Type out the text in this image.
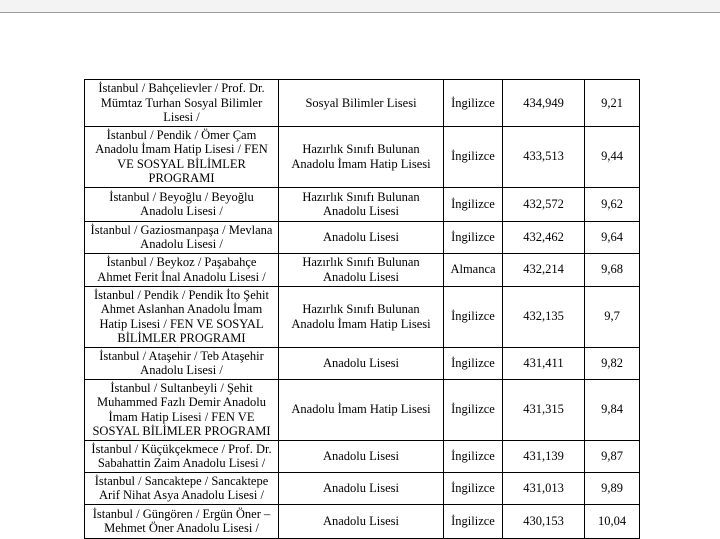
İstanbul / Bahçelievler / Prof. Dr. Mümtaz Turhan Sosyal Bilimler Lisesi /	Sosyal Bilimler Lisesi	İngilizce	434,949	9,21
İstanbul / Pendik / Ömer Çam Anadolu İmam Hatip Lisesi / FEN VE SOSYAL BİLİMLER PROGRAMI	Hazırlık Sınıfı Bulunan Anadolu İmam Hatip Lisesi	İngilizce	433,513	9,44
İstanbul / Beyoğlu / Beyoğlu Anadolu Lisesi /	Hazırlık Sınıfı Bulunan Anadolu Lisesi	İngilizce	432,572	9,62
İstanbul / Gaziosmanpaşa / Mevlana Anadolu Lisesi /	Anadolu Lisesi	İngilizce	432,462	9,64
İstanbul / Beykoz / Paşabahçe Ahmet Ferit İnal Anadolu Lisesi /	Hazırlık Sınıfı Bulunan Anadolu Lisesi	Almanca	432,214	9,68
İstanbul / Pendik / Pendik İto Şehit Ahmet Aslanhan Anadolu İmam Hatip Lisesi / FEN VE SOSYAL BİLİMLER PROGRAMI	Hazırlık Sınıfı Bulunan Anadolu İmam Hatip Lisesi	İngilizce	432,135	9,7
İstanbul / Ataşehir / Teb Ataşehir Anadolu Lisesi /	Anadolu Lisesi	İngilizce	431,411	9,82
İstanbul / Sultanbeyli / Şehit Muhammed Fazlı Demir Anadolu İmam Hatip Lisesi / FEN VE SOSYAL BİLİMLER PROGRAMI	Anadolu İmam Hatip Lisesi	İngilizce	431,315	9,84
İstanbul / Küçükçekmece / Prof. Dr. Sabahattin Zaim Anadolu Lisesi /	Anadolu Lisesi	İngilizce	431,139	9,87
İstanbul / Sancaktepe / Sancaktepe Arif Nihat Asya Anadolu Lisesi /	Anadolu Lisesi	İngilizce	431,013	9,89
İstanbul / Güngören / Ergün Öner – Mehmet Öner Anadolu Lisesi /	Anadolu Lisesi	İngilizce	430,153	10,04
